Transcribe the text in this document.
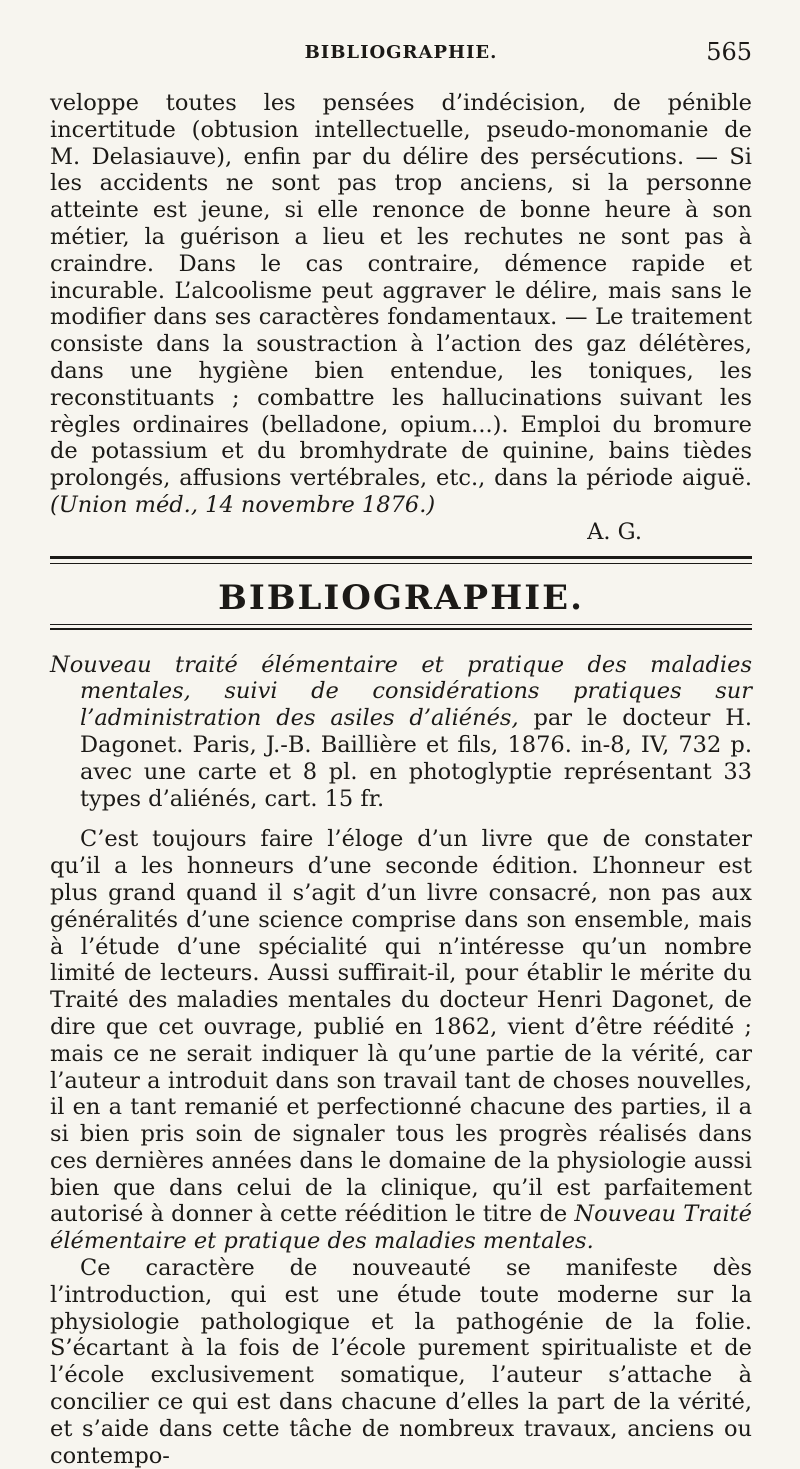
BIBLIOGRAPHIE.	565

veloppe toutes les pensées d’indécision, de pénible incertitude (obtusion intellectuelle, pseudo-monomanie de M. Delasiauve), enfin par du délire des persécutions. — Si les accidents ne sont pas trop anciens, si la personne atteinte est jeune, si elle renonce de bonne heure à son métier, la guérison a lieu et les rechutes ne sont pas à craindre. Dans le cas contraire, démence rapide et incurable. L’alcoolisme peut aggraver le délire, mais sans le modifier dans ses caractères fondamentaux. — Le traitement consiste dans la soustraction à l’action des gaz délétères, dans une hygiène bien entendue, les toniques, les reconstituants ; combattre les hallucinations suivant les règles ordinaires (belladone, opium...). Emploi du bromure de potassium et du bromhydrate de quinine, bains tièdes prolongés, affusions vertébrales, etc., dans la période aiguë. (Union méd., 14 novembre 1876.)

A. G.

BIBLIOGRAPHIE.

Nouveau traité élémentaire et pratique des maladies mentales, suivi de considérations pratiques sur l’administration des asiles d’aliénés, par le docteur H. Dagonet. Paris, J.-B. Baillière et fils, 1876. in-8, IV, 732 p. avec une carte et 8 pl. en photoglyptie représentant 33 types d’aliénés, cart. 15 fr.

C’est toujours faire l’éloge d’un livre que de constater qu’il a les honneurs d’une seconde édition. L’honneur est plus grand quand il s’agit d’un livre consacré, non pas aux généralités d’une science comprise dans son ensemble, mais à l’étude d’une spécialité qui n’intéresse qu’un nombre limité de lecteurs. Aussi suffirait-il, pour établir le mérite du Traité des maladies mentales du docteur Henri Dagonet, de dire que cet ouvrage, publié en 1862, vient d’être réédité ; mais ce ne serait indiquer là qu’une partie de la vérité, car l’auteur a introduit dans son travail tant de choses nouvelles, il en a tant remanié et perfectionné chacune des parties, il a si bien pris soin de signaler tous les progrès réalisés dans ces dernières années dans le domaine de la physiologie aussi bien que dans celui de la clinique, qu’il est parfaitement autorisé à donner à cette réédition le titre de Nouveau Traité élémentaire et pratique des maladies mentales.

Ce caractère de nouveauté se manifeste dès l’introduction, qui est une étude toute moderne sur la physiologie pathologique et la pathogénie de la folie. S’écartant à la fois de l’école purement spiritualiste et de l’école exclusivement somatique, l’auteur s’attache à concilier ce qui est dans chacune d’elles la part de la vérité, et s’aide dans cette tâche de nombreux travaux, anciens ou contempo-
